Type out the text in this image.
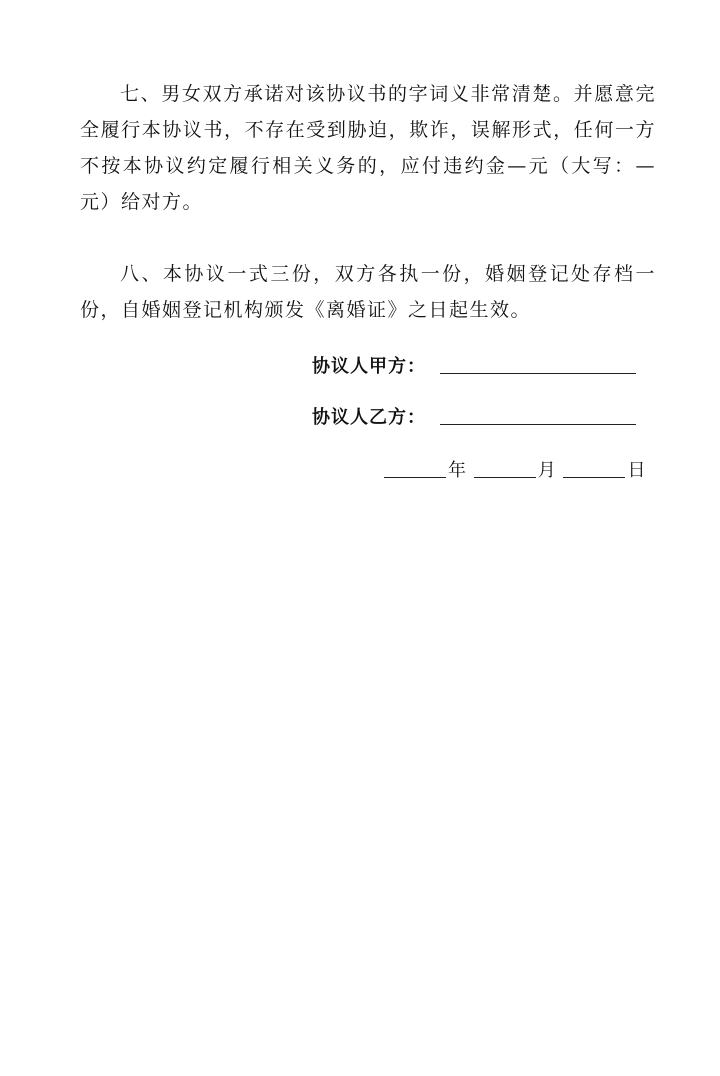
七、男女双方承诺对该协议书的字词义非常清楚。并愿意完全履行本协议书，不存在受到胁迫，欺诈，误解形式，任何一方不按本协议约定履行相关义务的，应付违约金—元（大写：—元）给对方。

八、本协议一式三份，双方各执一份，婚姻登记处存档一份，自婚姻登记机构颁发《离婚证》之日起生效。

协议人甲方：
协议人乙方：
年	月	日
